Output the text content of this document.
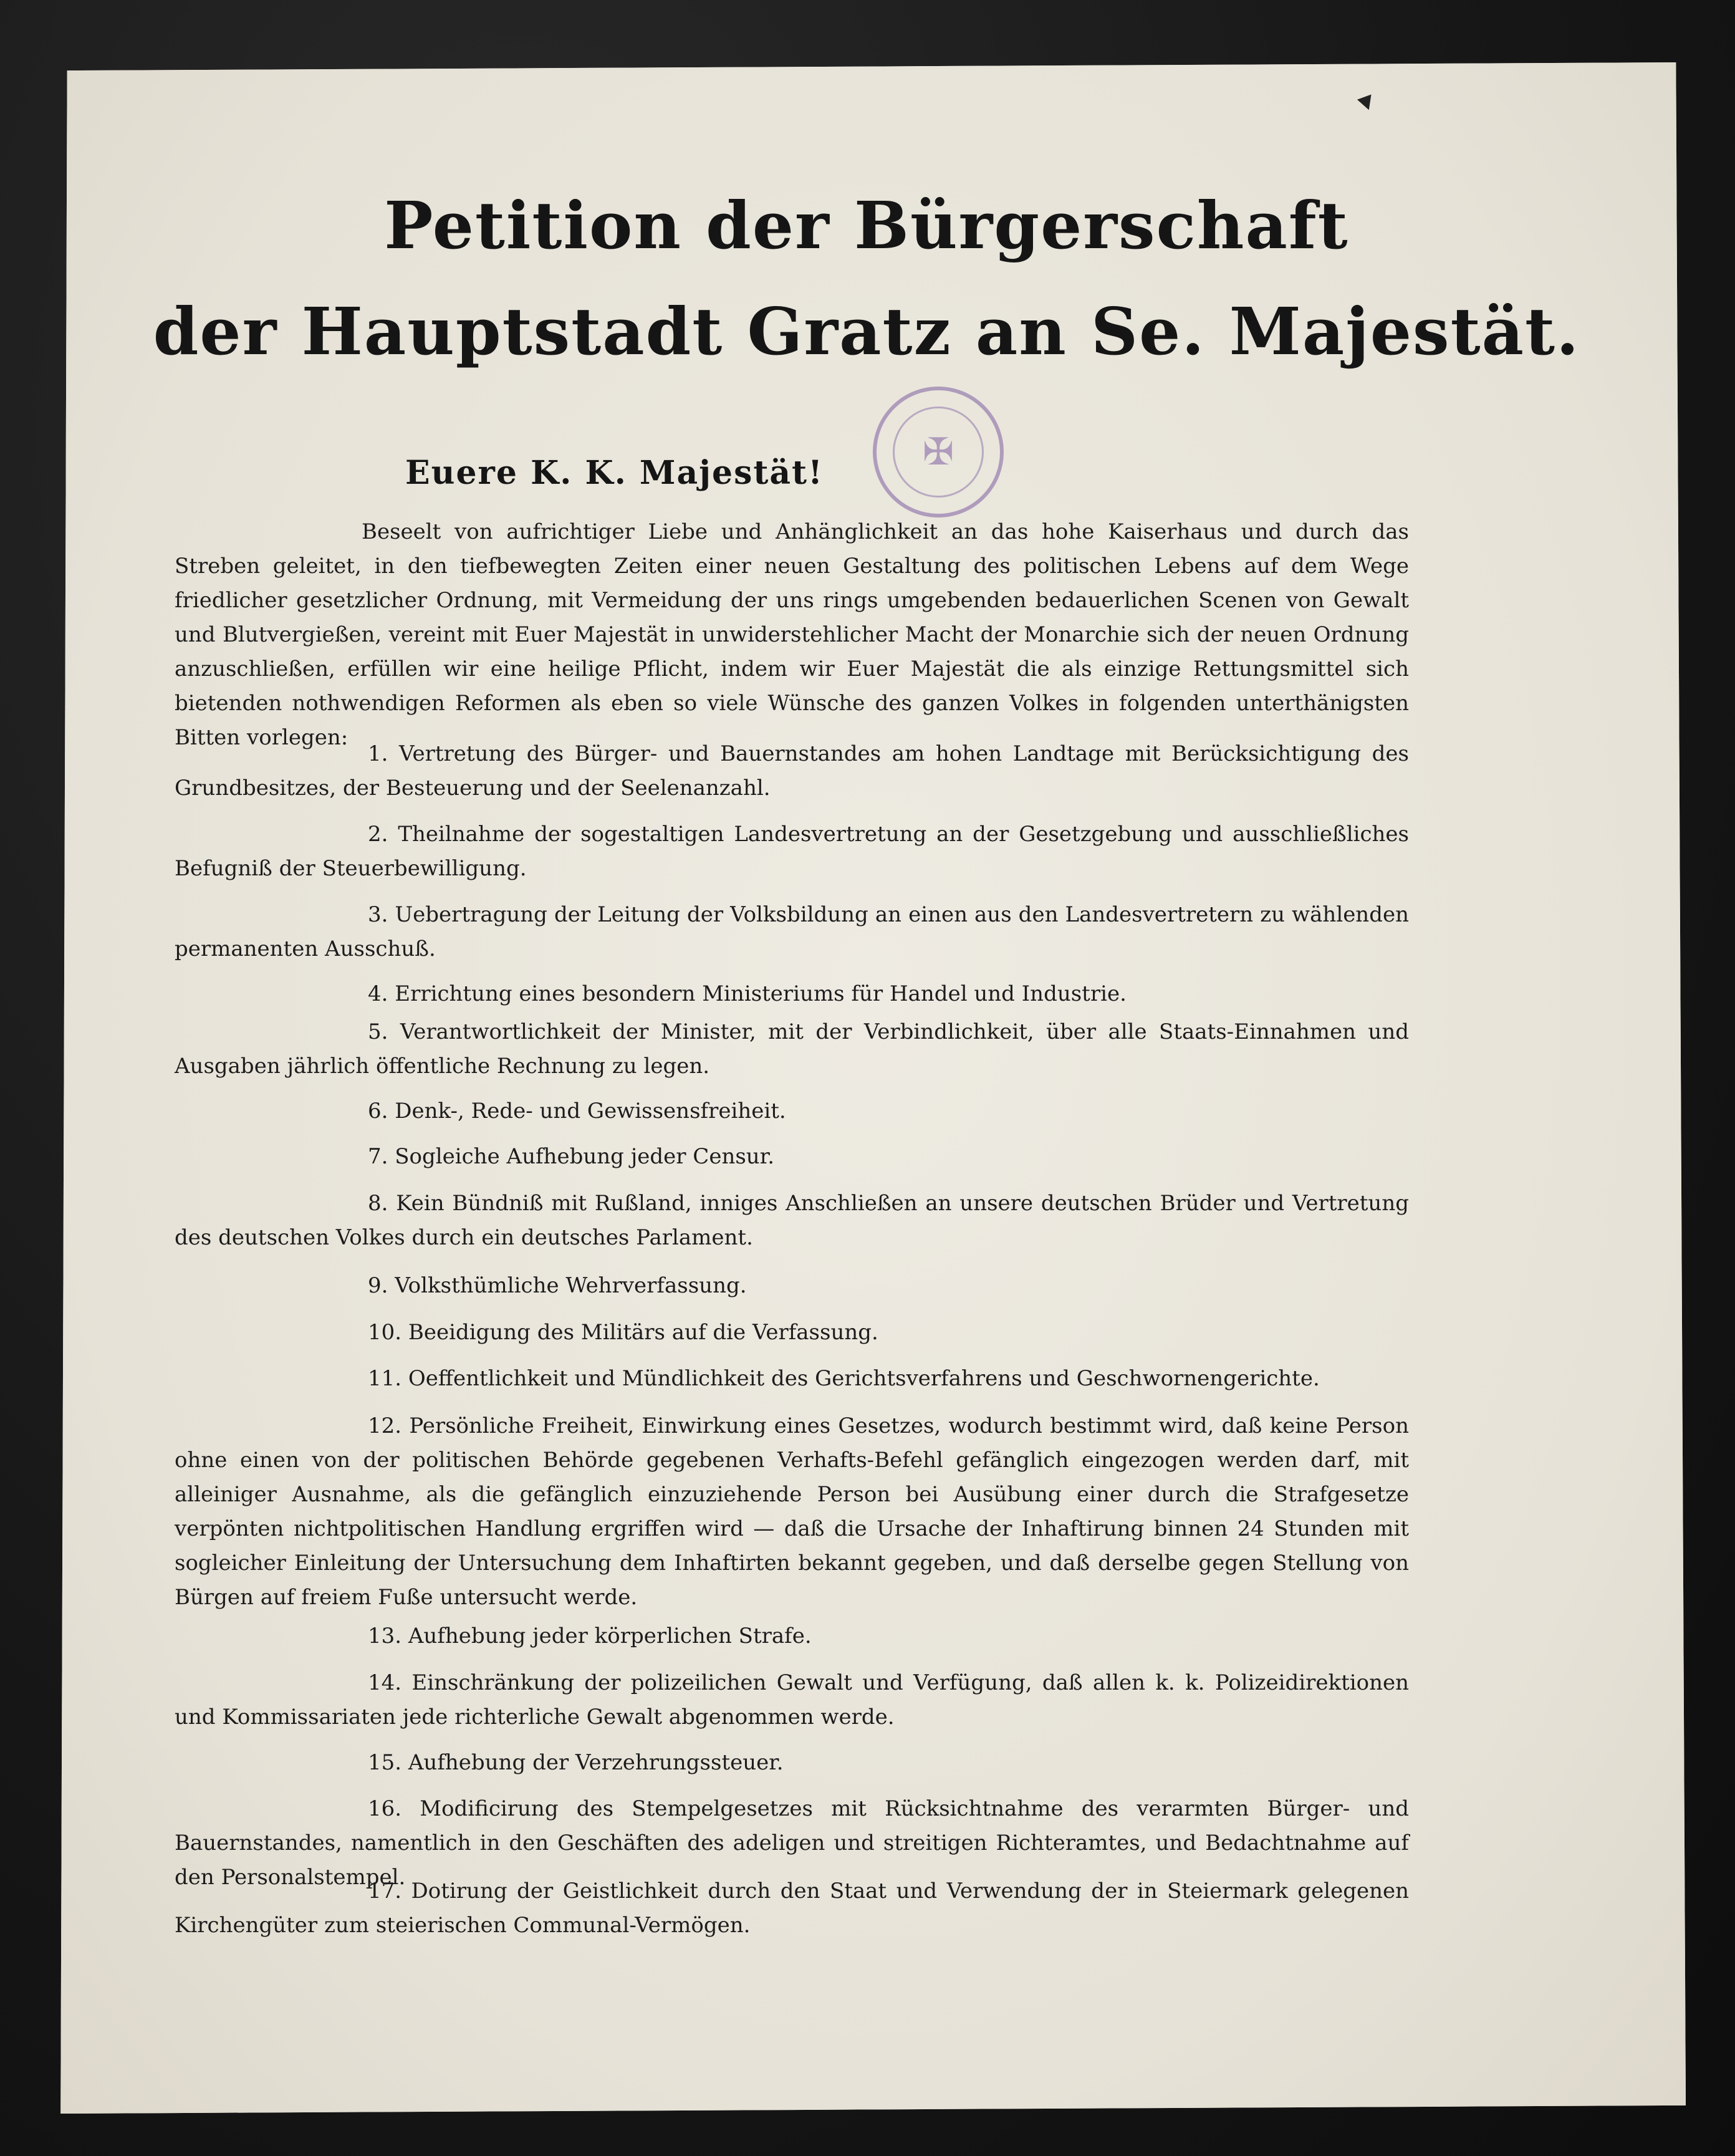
✠
Petition der Bürgerschaft
der Hauptstadt Gratz an Se. Majestät.
Euere K. K. Majestät!

Beseelt von aufrichtiger Liebe und Anhänglichkeit an das hohe Kaiserhaus und durch das Streben geleitet, in den tiefbewegten Zeiten einer neuen Gestaltung des politischen Lebens auf dem Wege friedlicher gesetzlicher Ordnung, mit Vermeidung der uns rings umgebenden bedauerlichen Scenen von Gewalt und Blutvergießen, vereint mit Euer Majestät in unwiderstehlicher Macht der Monarchie sich der neuen Ordnung anzuschließen, erfüllen wir eine heilige Pflicht, indem wir Euer Majestät die als einzige Rettungsmittel sich bietenden nothwendigen Reformen als eben so viele Wünsche des ganzen Volkes in folgenden unterthänigsten Bitten vorlegen:

1. Vertretung des Bürger- und Bauernstandes am hohen Landtage mit Berücksichtigung des Grundbesitzes, der Besteuerung und der Seelenanzahl.

2. Theilnahme der sogestaltigen Landesvertretung an der Gesetzgebung und ausschließliches Befugniß der Steuerbewilligung.

3. Uebertragung der Leitung der Volksbildung an einen aus den Landesvertretern zu wählenden permanenten Ausschuß.

4. Errichtung eines besondern Ministeriums für Handel und Industrie.

5. Verantwortlichkeit der Minister, mit der Verbindlichkeit, über alle Staats-Einnahmen und Ausgaben jährlich öffentliche Rechnung zu legen.

6. Denk-, Rede- und Gewissensfreiheit.

7. Sogleiche Aufhebung jeder Censur.

8. Kein Bündniß mit Rußland, inniges Anschließen an unsere deutschen Brüder und Vertretung des deutschen Volkes durch ein deutsches Parlament.

9. Volksthümliche Wehrverfassung.

10. Beeidigung des Militärs auf die Verfassung.

11. Oeffentlichkeit und Mündlichkeit des Gerichtsverfahrens und Geschwornengerichte.

12. Persönliche Freiheit, Einwirkung eines Gesetzes, wodurch bestimmt wird, daß keine Person ohne einen von der politischen Behörde gegebenen Verhafts-Befehl gefänglich eingezogen werden darf, mit alleiniger Ausnahme, als die gefänglich einzuziehende Person bei Ausübung einer durch die Strafgesetze verpönten nichtpolitischen Handlung ergriffen wird — daß die Ursache der Inhaftirung binnen 24 Stunden mit sogleicher Einleitung der Untersuchung dem Inhaftirten bekannt gegeben, und daß derselbe gegen Stellung von Bürgen auf freiem Fuße untersucht werde.

13. Aufhebung jeder körperlichen Strafe.

14. Einschränkung der polizeilichen Gewalt und Verfügung, daß allen k. k. Polizeidirektionen und Kommissariaten jede richterliche Gewalt abgenommen werde.

15. Aufhebung der Verzehrungssteuer.

16. Modificirung des Stempelgesetzes mit Rücksichtnahme des verarmten Bürger- und Bauernstandes, namentlich in den Geschäften des adeligen und streitigen Richteramtes, und Bedachtnahme auf den Personalstempel.

17. Dotirung der Geistlichkeit durch den Staat und Verwendung der in Steiermark gelegenen Kirchengüter zum steierischen Communal-Vermögen.
